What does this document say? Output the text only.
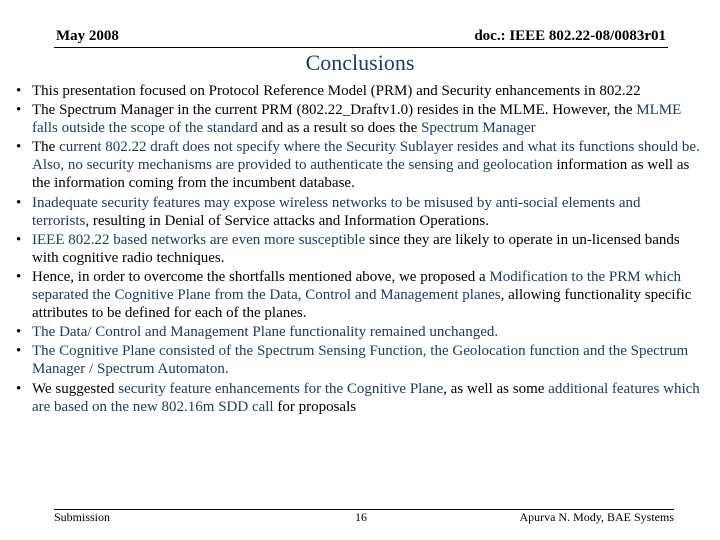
May 2008	doc.: IEEE 802.22-08/0083r01
Conclusions
• This presentation focused on Protocol Reference Model (PRM) and Security enhancements in 802.22
• The Spectrum Manager in the current PRM (802.22_Draftv1.0) resides in the MLME. However, the MLME falls outside the scope of the standard and as a result so does the Spectrum Manager
• The current 802.22 draft does not specify where the Security Sublayer resides and what its functions should be. Also, no security mechanisms are provided to authenticate the sensing and geolocation information as well as the information coming from the incumbent database.
• Inadequate security features may expose wireless networks to be misused by anti-social elements and terrorists, resulting in Denial of Service attacks and Information Operations.
• IEEE 802.22 based networks are even more susceptible since they are likely to operate in un-licensed bands with cognitive radio techniques.
• Hence, in order to overcome the shortfalls mentioned above, we proposed a Modification to the PRM which separated the Cognitive Plane from the Data, Control and Management planes, allowing functionality specific attributes to be defined for each of the planes.
• The Data/ Control and Management Plane functionality remained unchanged.
• The Cognitive Plane consisted of the Spectrum Sensing Function, the Geolocation function and the Spectrum Manager / Spectrum Automaton.
• We suggested security feature enhancements for the Cognitive Plane, as well as some additional features which are based on the new 802.16m SDD call for proposals
Submission	16	Apurva N. Mody, BAE Systems
